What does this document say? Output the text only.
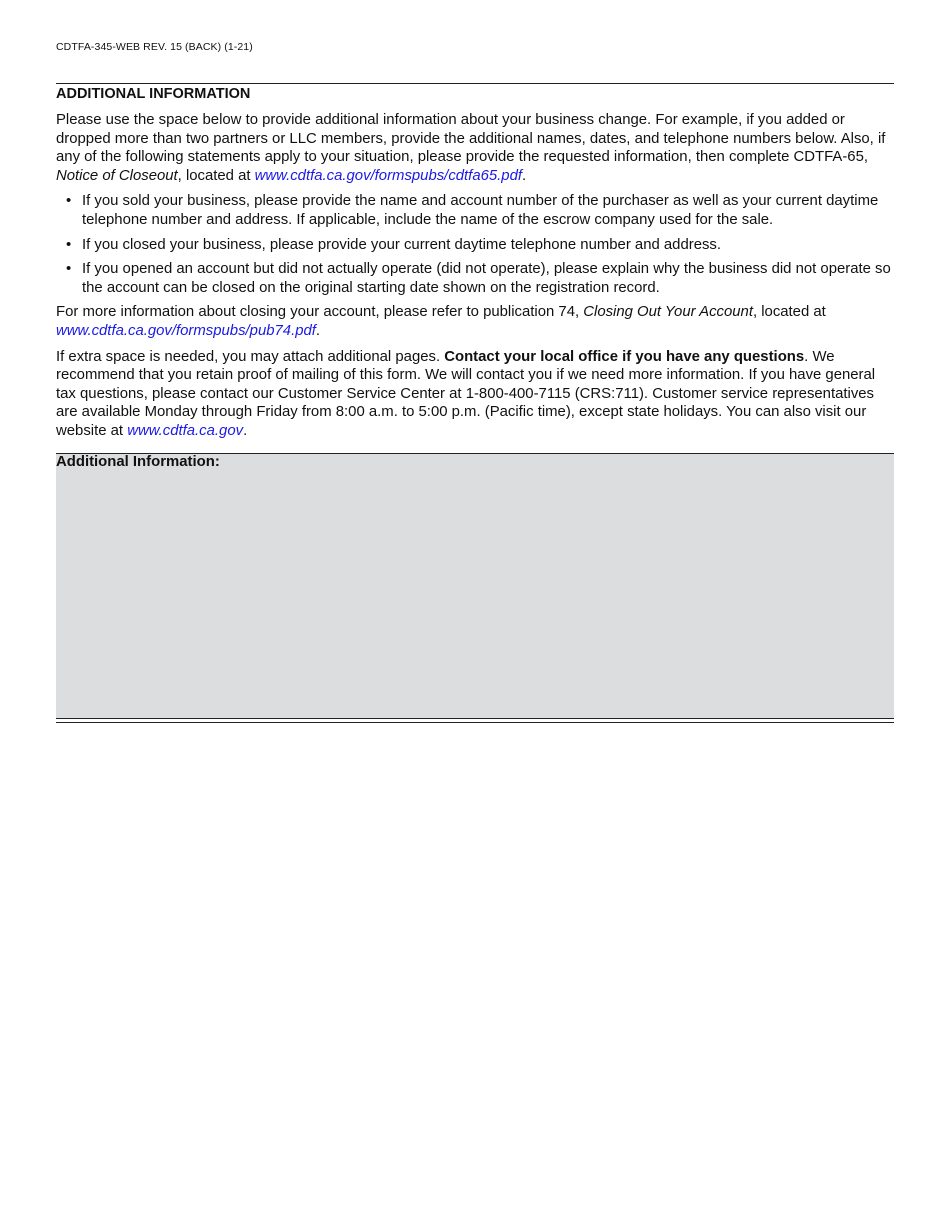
CDTFA-345-WEB REV. 15 (BACK) (1-21)
ADDITIONAL INFORMATION

Please use the space below to provide additional information about your business change. For example, if you added or dropped more than two partners or LLC members, provide the additional names, dates, and telephone numbers below. Also, if any of the following statements apply to your situation, please provide the requested information, then complete CDTFA-65, Notice of Closeout, located at www.cdtfa.ca.gov/formspubs/cdtfa65.pdf.

• If you sold your business, please provide the name and account number of the purchaser as well as your current daytime telephone number and address. If applicable, include the name of the escrow company used for the sale.
• If you closed your business, please provide your current daytime telephone number and address.
• If you opened an account but did not actually operate (did not operate), please explain why the business did not operate so the account can be closed on the original starting date shown on the registration record.

For more information about closing your account, please refer to publication 74, Closing Out Your Account, located at www.cdtfa.ca.gov/formspubs/pub74.pdf.

If extra space is needed, you may attach additional pages. Contact your local office if you have any questions. We recommend that you retain proof of mailing of this form. We will contact you if we need more information. If you have general tax questions, please contact our Customer Service Center at 1-800-400-7115 (CRS:711). Customer service representatives are available Monday through Friday from 8:00 a.m. to 5:00 p.m. (Pacific time), except state holidays. You can also visit our website at www.cdtfa.ca.gov.

Additional Information:
